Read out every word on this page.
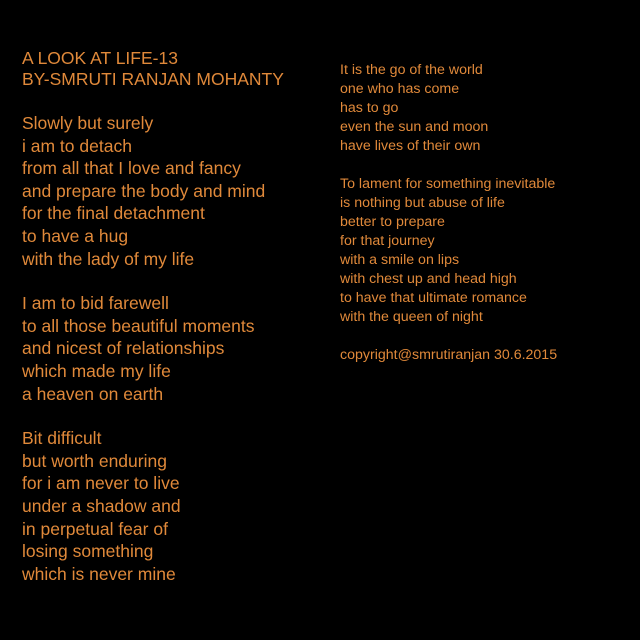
A LOOK AT LIFE-13
BY-SMRUTI RANJAN MOHANTY
Slowly but surely
i am to detach
from all that I love and fancy
and prepare the body and mind
for the final detachment
to have a hug
with the lady of my life
I am to bid farewell
to all those beautiful moments
and nicest of relationships
which made my life
a heaven on earth
Bit difficult
but worth enduring
for i am never to live
under a shadow and
in perpetual fear of
losing something
which is never mine
It is the go of the world
one who has come
has to go
even the sun and moon
have lives of their own
To lament for something inevitable
is nothing but abuse of life
better to prepare
for that journey
with a smile on lips
with chest up and head high
to have that ultimate romance
with the queen of night
copyright@smrutiranjan 30.6.2015
